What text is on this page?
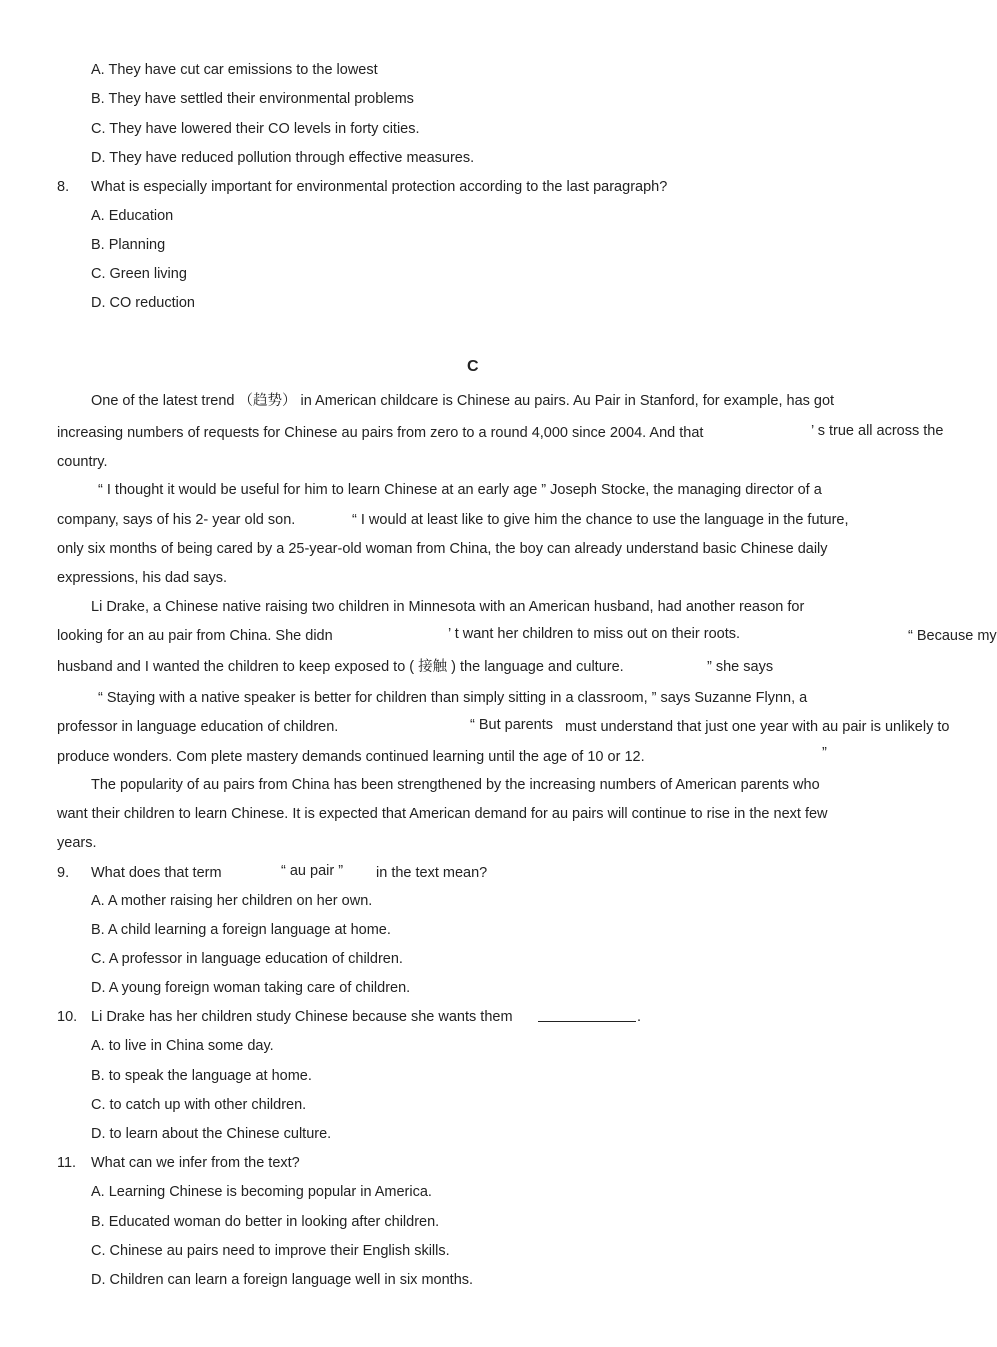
A. They have cut car emissions to the lowest
B. They have settled their environmental problems
C. They have lowered their CO levels in forty cities.
D. They have reduced pollution through effective measures.
8. What is especially important for environmental protection according to the last paragraph?
A. Education
B. Planning
C. Green living
D. CO reduction
C
One of the latest trend （趋势） in American childcare is Chinese au pairs. Au Pair in Stanford, for example, has got
increasing numbers of requests for Chinese au pairs from zero to a round 4,000 since 2004. And that	’ s true all across the
country.
“ I thought it would be useful for him to learn Chinese at an early age ” Joseph Stocke, the managing director of a
company, says of his 2- year old son.	“ I would at least like to give him the chance to use the language in the future,
only six months of being cared by a 25-year-old woman from China, the boy can already understand basic Chinese daily
expressions, his dad says.
Li Drake, a Chinese native raising two children in Minnesota with an American husband, had another reason for
looking for an au pair from China. She didn	’ t want her children to miss out on their roots.	“ Because my
husband and I wanted the children to keep exposed to ( 接触 ) the language and culture.	” she says
“ Staying with a native speaker is better for children than simply sitting in a classroom, ” says Suzanne Flynn, a
professor in language education of children.	“ But parents must understand that just one year with au pair is unlikely to
produce wonders. Com plete mastery demands continued learning until the age of 10 or 12.	”
The popularity of au pairs from China has been strengthened by the increasing numbers of American parents who
want their children to learn Chinese. It is expected that American demand for au pairs will continue to rise in the next few
years.
9. What does that term	“ au pair ” in the text mean?
A. A mother raising her children on her own.
B. A child learning a foreign language at home.
C. A professor in language education of children.
D. A young foreign woman taking care of children.
10. Li Drake has her children study Chinese because she wants them	.
A. to live in China some day.
B. to speak the language at home.
C. to catch up with other children.
D. to learn about the Chinese culture.
11. What can we infer from the text?
A. Learning Chinese is becoming popular in America.
B. Educated woman do better in looking after children.
C. Chinese au pairs need to improve their English skills.
D. Children can learn a foreign language well in six months.
